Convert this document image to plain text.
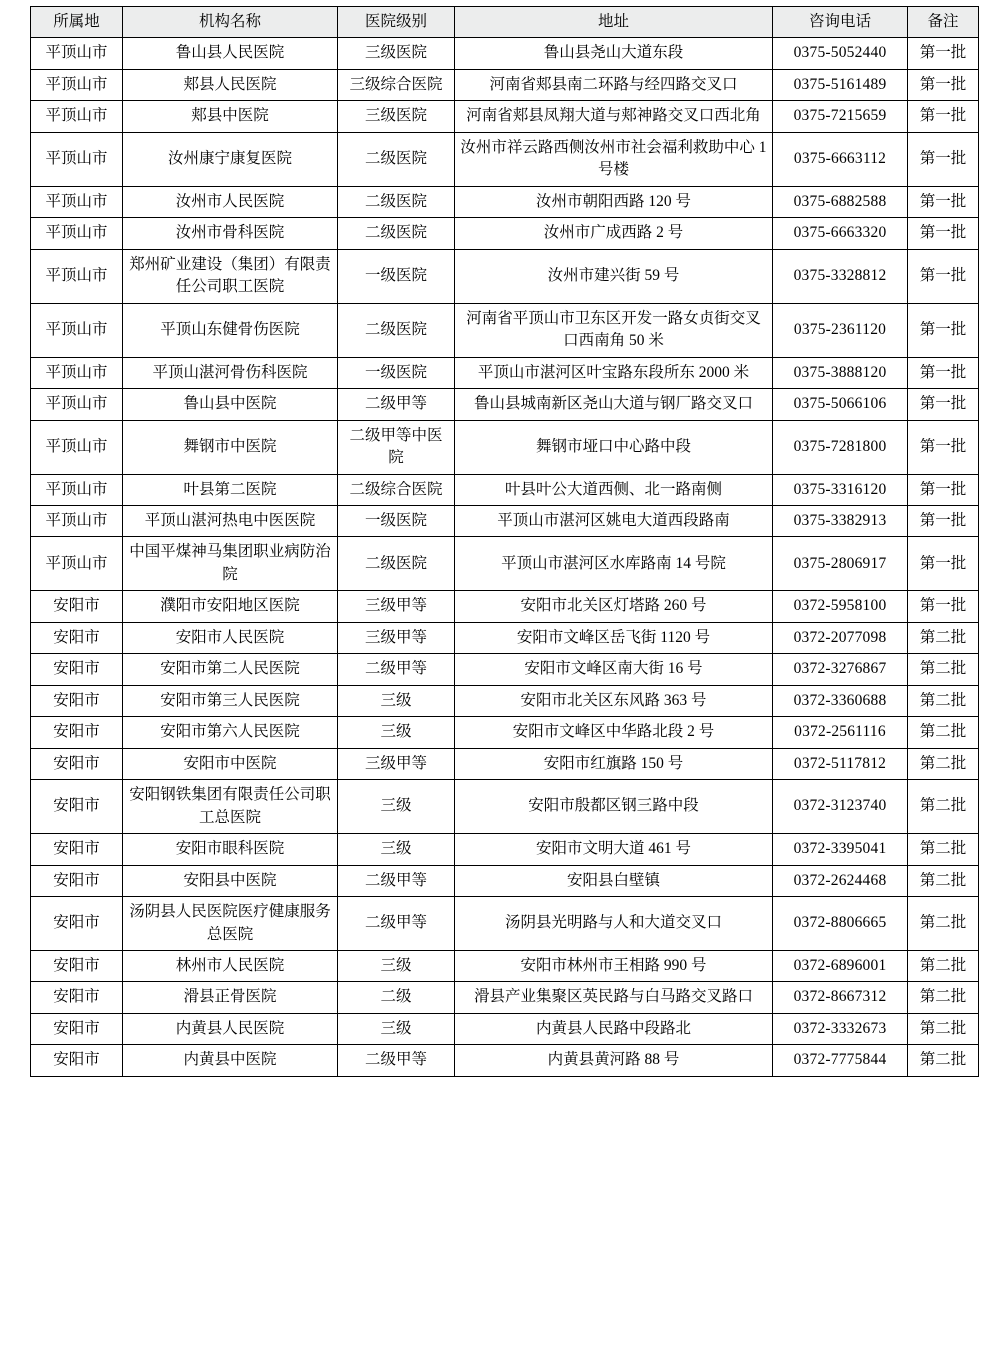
所属地	机构名称	医院级别	地址	咨询电话	备注
平顶山市	鲁山县人民医院	三级医院	鲁山县尧山大道东段	0375-5052440	第一批
平顶山市	郏县人民医院	三级综合医院	河南省郏县南二环路与经四路交叉口	0375-5161489	第一批
平顶山市	郏县中医院	三级医院	河南省郏县凤翔大道与郏神路交叉口西北角	0375-7215659	第一批
平顶山市	汝州康宁康复医院	二级医院	汝州市祥云路西侧汝州市社会福利救助中心 1 号楼	0375-6663112	第一批
平顶山市	汝州市人民医院	二级医院	汝州市朝阳西路 120 号	0375-6882588	第一批
平顶山市	汝州市骨科医院	二级医院	汝州市广成西路 2 号	0375-6663320	第一批
平顶山市	郑州矿业建设（集团）有限责任公司职工医院	一级医院	汝州市建兴街 59 号	0375-3328812	第一批
平顶山市	平顶山东健骨伤医院	二级医院	河南省平顶山市卫东区开发一路女贞街交叉口西南角 50 米	0375-2361120	第一批
平顶山市	平顶山湛河骨伤科医院	一级医院	平顶山市湛河区叶宝路东段所东 2000 米	0375-3888120	第一批
平顶山市	鲁山县中医院	二级甲等	鲁山县城南新区尧山大道与钢厂路交叉口	0375-5066106	第一批
平顶山市	舞钢市中医院	二级甲等中医院	舞钢市垭口中心路中段	0375-7281800	第一批
平顶山市	叶县第二医院	二级综合医院	叶县叶公大道西侧、北一路南侧	0375-3316120	第一批
平顶山市	平顶山湛河热电中医医院	一级医院	平顶山市湛河区姚电大道西段路南	0375-3382913	第一批
平顶山市	中国平煤神马集团职业病防治院	二级医院	平顶山市湛河区水库路南 14 号院	0375-2806917	第一批
安阳市	濮阳市安阳地区医院	三级甲等	安阳市北关区灯塔路 260 号	0372-5958100	第一批
安阳市	安阳市人民医院	三级甲等	安阳市文峰区岳飞街 1120 号	0372-2077098	第二批
安阳市	安阳市第二人民医院	二级甲等	安阳市文峰区南大街 16 号	0372-3276867	第二批
安阳市	安阳市第三人民医院	三级	安阳市北关区东风路 363 号	0372-3360688	第二批
安阳市	安阳市第六人民医院	三级	安阳市文峰区中华路北段 2 号	0372-2561116	第二批
安阳市	安阳市中医院	三级甲等	安阳市红旗路 150 号	0372-5117812	第二批
安阳市	安阳钢铁集团有限责任公司职工总医院	三级	安阳市殷都区钢三路中段	0372-3123740	第二批
安阳市	安阳市眼科医院	三级	安阳市文明大道 461 号	0372-3395041	第二批
安阳市	安阳县中医院	二级甲等	安阳县白壁镇	0372-2624468	第二批
安阳市	汤阴县人民医院医疗健康服务总医院	二级甲等	汤阴县光明路与人和大道交叉口	0372-8806665	第二批
安阳市	林州市人民医院	三级	安阳市林州市王相路 990 号	0372-6896001	第二批
安阳市	滑县正骨医院	二级	滑县产业集聚区英民路与白马路交叉路口	0372-8667312	第二批
安阳市	内黄县人民医院	三级	内黄县人民路中段路北	0372-3332673	第二批
安阳市	内黄县中医院	二级甲等	内黄县黄河路 88 号	0372-7775844	第二批
